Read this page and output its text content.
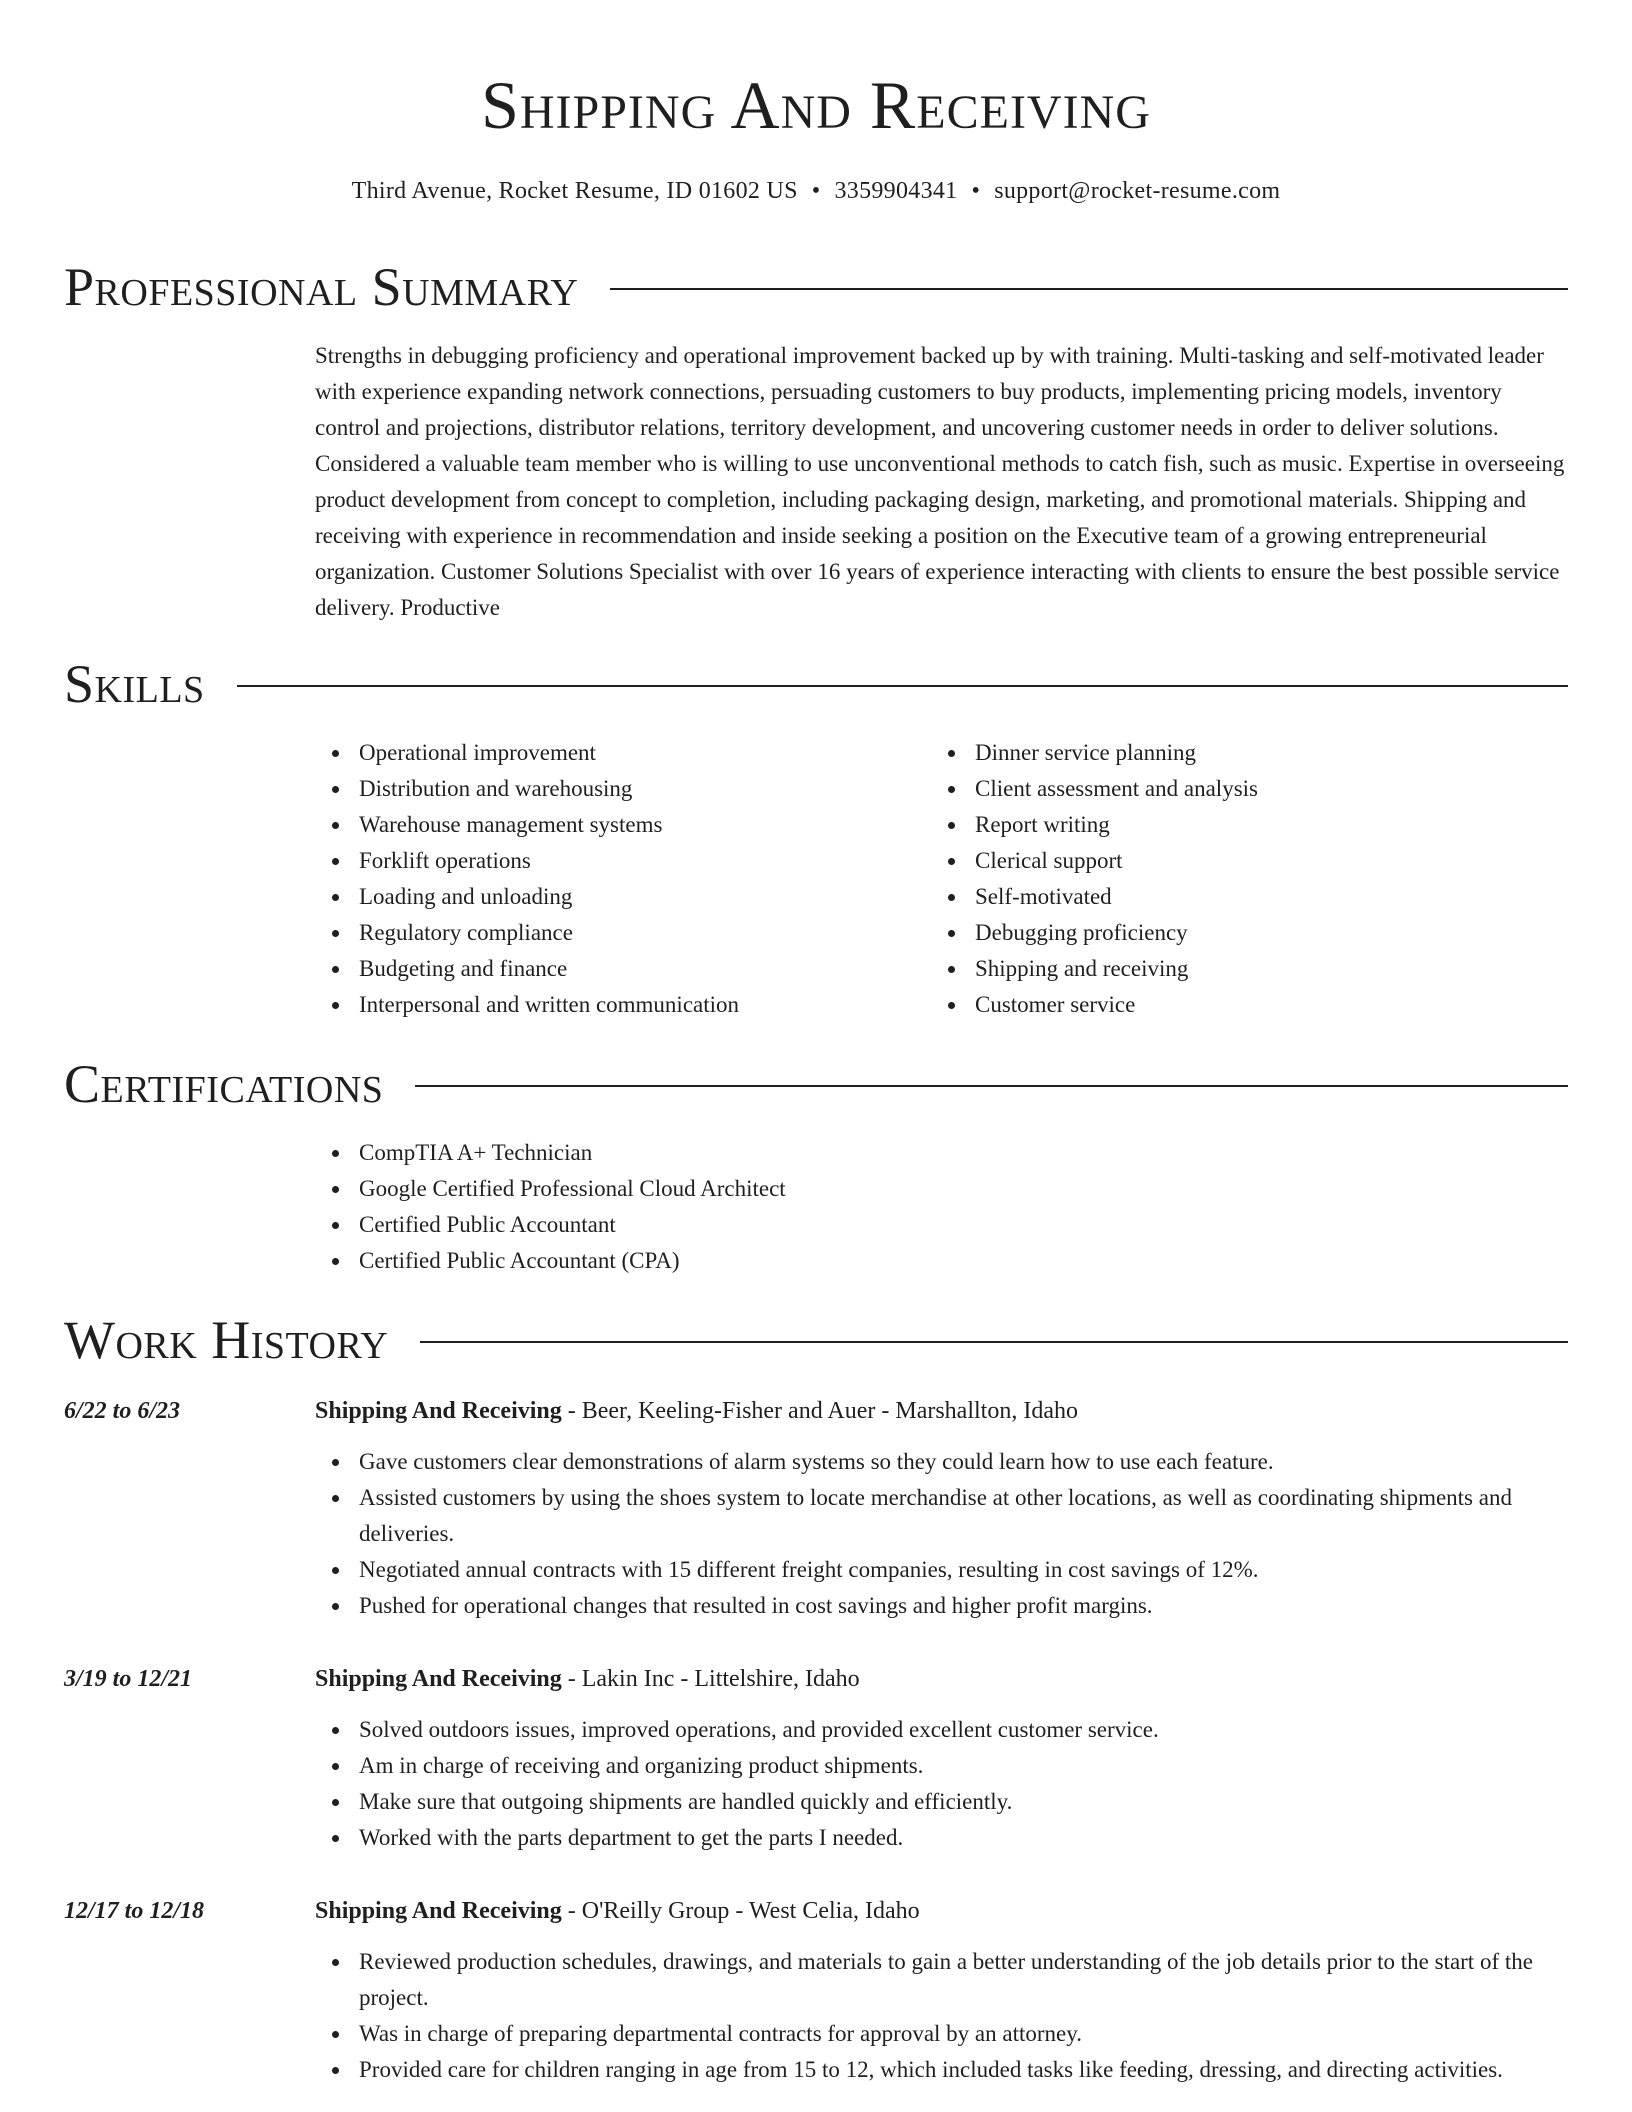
Shipping And Receiving
Third Avenue, Rocket Resume, ID 01602 US • 3359904341 • support@rocket-resume.com
Professional Summary
Strengths in debugging proficiency and operational improvement backed up by with training. Multi-tasking and self-motivated leader with experience expanding network connections, persuading customers to buy products, implementing pricing models, inventory control and projections, distributor relations, territory development, and uncovering customer needs in order to deliver solutions. Considered a valuable team member who is willing to use unconventional methods to catch fish, such as music. Expertise in overseeing product development from concept to completion, including packaging design, marketing, and promotional materials. Shipping and receiving with experience in recommendation and inside seeking a position on the Executive team of a growing entrepreneurial organization. Customer Solutions Specialist with over 16 years of experience interacting with clients to ensure the best possible service delivery. Productive
Skills
Operational improvement
Distribution and warehousing
Warehouse management systems
Forklift operations
Loading and unloading
Regulatory compliance
Budgeting and finance
Interpersonal and written communication
Dinner service planning
Client assessment and analysis
Report writing
Clerical support
Self-motivated
Debugging proficiency
Shipping and receiving
Customer service
Certifications
CompTIA A+ Technician
Google Certified Professional Cloud Architect
Certified Public Accountant
Certified Public Accountant (CPA)
Work History
6/22 to 6/23	Shipping And Receiving - Beer, Keeling-Fisher and Auer - Marshallton, Idaho
Gave customers clear demonstrations of alarm systems so they could learn how to use each feature.
Assisted customers by using the shoes system to locate merchandise at other locations, as well as coordinating shipments and deliveries.
Negotiated annual contracts with 15 different freight companies, resulting in cost savings of 12%.
Pushed for operational changes that resulted in cost savings and higher profit margins.
3/19 to 12/21	Shipping And Receiving - Lakin Inc - Littelshire, Idaho
Solved outdoors issues, improved operations, and provided excellent customer service.
Am in charge of receiving and organizing product shipments.
Make sure that outgoing shipments are handled quickly and efficiently.
Worked with the parts department to get the parts I needed.
12/17 to 12/18	Shipping And Receiving - O'Reilly Group - West Celia, Idaho
Reviewed production schedules, drawings, and materials to gain a better understanding of the job details prior to the start of the project.
Was in charge of preparing departmental contracts for approval by an attorney.
Provided care for children ranging in age from 15 to 12, which included tasks like feeding, dressing, and directing activities.
